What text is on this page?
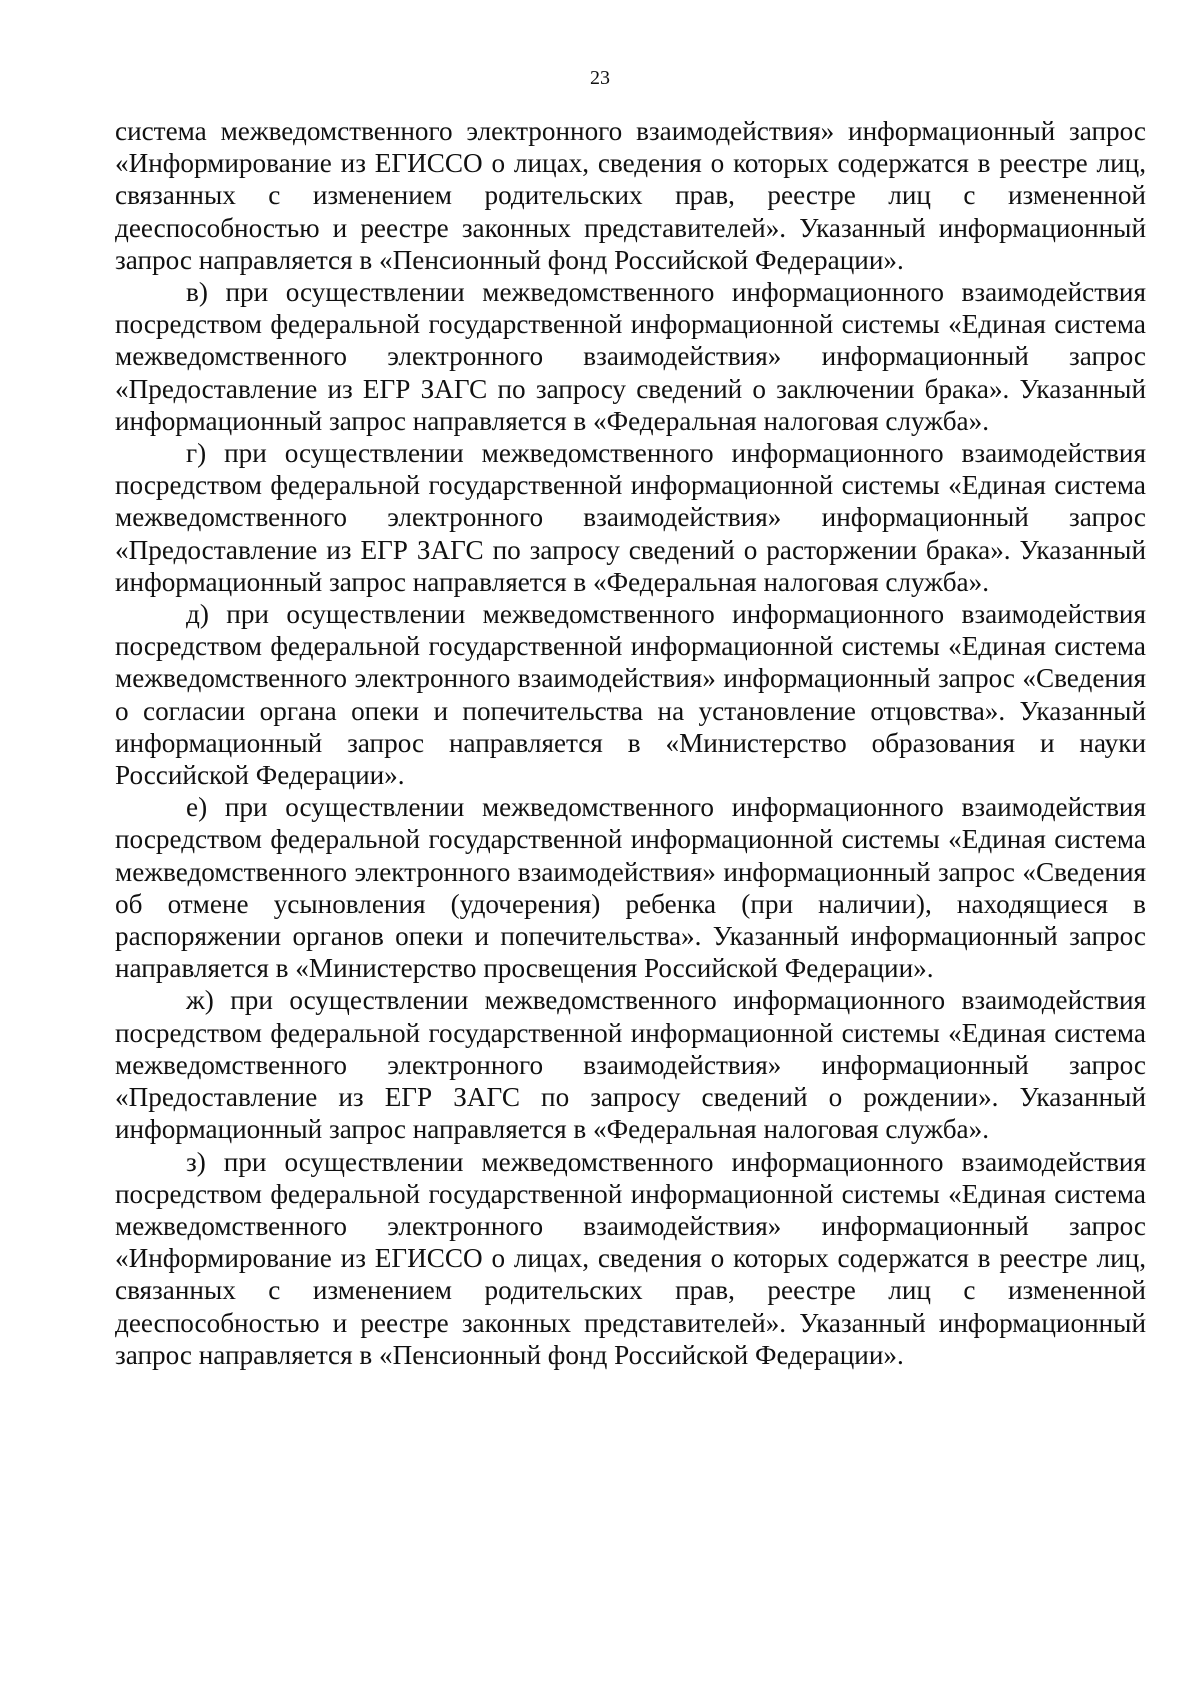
23

система межведомственного электронного взаимодействия» информационный запрос «Информирование из ЕГИССО о лицах, сведения о которых содержатся в реестре лиц, связанных с изменением родительских прав, реестре лиц с измененной дееспособностью и реестре законных представителей». Указанный информационный запрос направляется в «Пенсионный фонд Российской Федерации».

в) при осуществлении межведомственного информационного взаимодействия посредством федеральной государственной информационной системы «Единая система межведомственного электронного взаимодействия» информационный запрос «Предоставление из ЕГР ЗАГС по запросу сведений о заключении брака». Указанный информационный запрос направляется в «Федеральная налоговая служба».

г) при осуществлении межведомственного информационного взаимодействия посредством федеральной государственной информационной системы «Единая система межведомственного электронного взаимодействия» информационный запрос «Предоставление из ЕГР ЗАГС по запросу сведений о расторжении брака». Указанный информационный запрос направляется в «Федеральная налоговая служба».

д) при осуществлении межведомственного информационного взаимодействия посредством федеральной государственной информационной системы «Единая система межведомственного электронного взаимодействия» информационный запрос «Сведения о согласии органа опеки и попечительства на установление отцовства». Указанный информационный запрос направляется в «Министерство образования и науки Российской Федерации».

е) при осуществлении межведомственного информационного взаимодействия посредством федеральной государственной информационной системы «Единая система межведомственного электронного взаимодействия» информационный запрос «Сведения об отмене усыновления (удочерения) ребенка (при наличии), находящиеся в распоряжении органов опеки и попечительства». Указанный информационный запрос направляется в «Министерство просвещения Российской Федерации».

ж) при осуществлении межведомственного информационного взаимодействия посредством федеральной государственной информационной системы «Единая система межведомственного электронного взаимодействия» информационный запрос «Предоставление из ЕГР ЗАГС по запросу сведений о рождении». Указанный информационный запрос направляется в «Федеральная налоговая служба».

з) при осуществлении межведомственного информационного взаимодействия посредством федеральной государственной информационной системы «Единая система межведомственного электронного взаимодействия» информационный запрос «Информирование из ЕГИССО о лицах, сведения о которых содержатся в реестре лиц, связанных с изменением родительских прав, реестре лиц с измененной дееспособностью и реестре законных представителей». Указанный информационный запрос направляется в «Пенсионный фонд Российской Федерации».
